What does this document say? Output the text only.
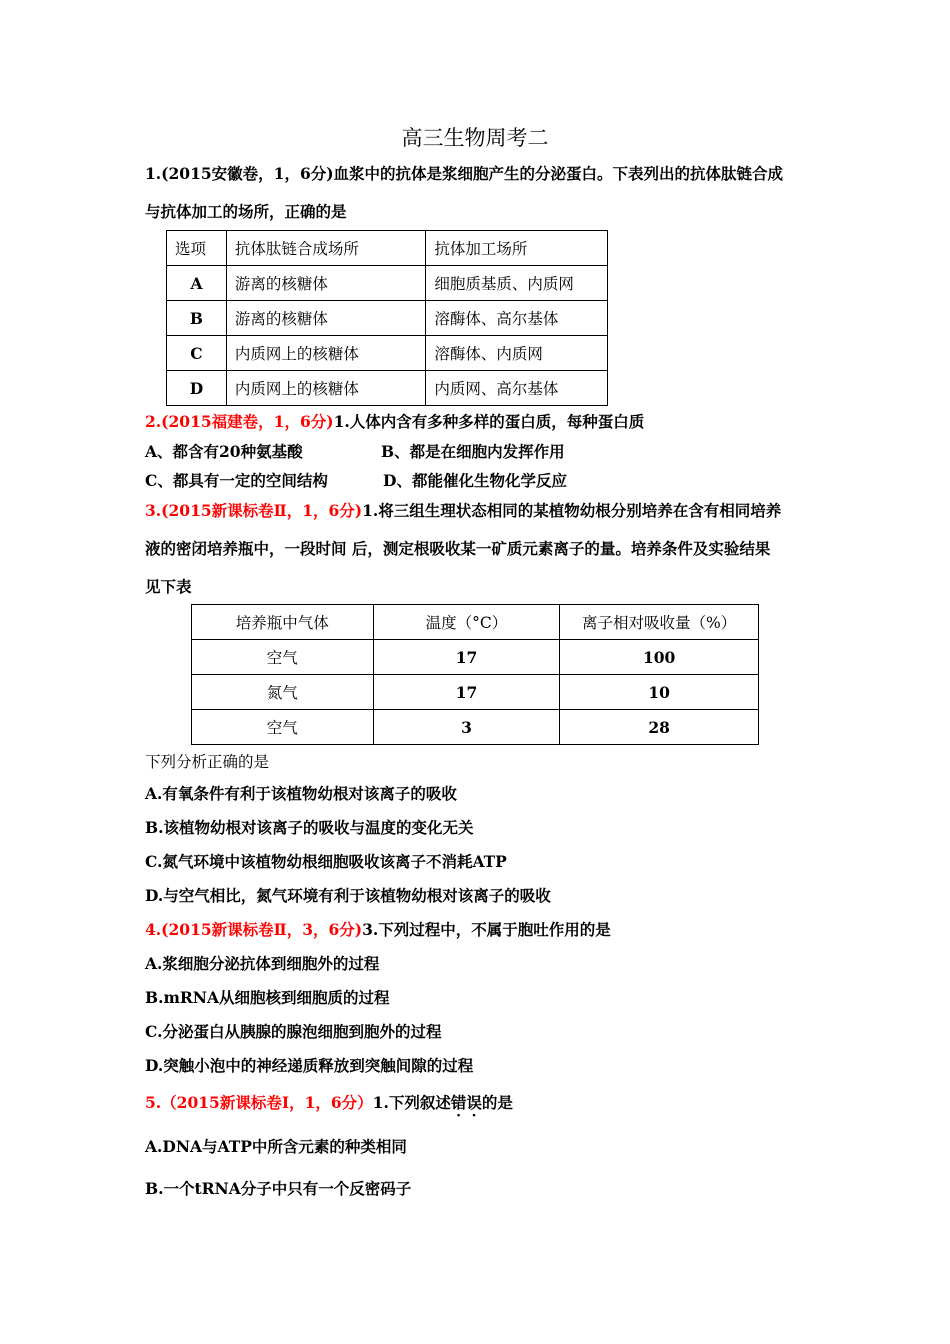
高三生物周考二
1.(2015安徽卷，1，6分)血浆中的抗体是浆细胞产生的分泌蛋白。下表列出的抗体肽链合成
与抗体加工的场所，正确的是
选项	抗体肽链合成场所	抗体加工场所
A	游离的核糖体	细胞质基质、内质网
B	游离的核糖体	溶酶体、高尔基体
C	内质网上的核糖体	溶酶体、内质网
D	内质网上的核糖体	内质网、高尔基体
2.(2015福建卷，1，6分)1.人体内含有多种多样的蛋白质，每种蛋白质
A、都含有20种氨基酸	B、都是在细胞内发挥作用
C、都具有一定的空间结构	D、都能催化生物化学反应
3.(2015新课标卷Ⅱ，1，6分)1.将三组生理状态相同的某植物幼根分别培养在含有相同培养
液的密闭培养瓶中，一段时间 后，测定根吸收某一矿质元素离子的量。培养条件及实验结果
见下表
培养瓶中气体	温度（°C）	离子相对吸收量（%）
空气	17	100
氮气	17	10
空气	3	28
下列分析正确的是
A.有氧条件有利于该植物幼根对该离子的吸收
B.该植物幼根对该离子的吸收与温度的变化无关
C.氮气环境中该植物幼根细胞吸收该离子不消耗ATP
D.与空气相比，氮气环境有利于该植物幼根对该离子的吸收
4.(2015新课标卷Ⅱ，3，6分)3.下列过程中，不属于胞吐作用的是
A.浆细胞分泌抗体到细胞外的过程
B.mRNA从细胞核到细胞质的过程
C.分泌蛋白从胰腺的腺泡细胞到胞外的过程
D.突触小泡中的神经递质释放到突触间隙的过程
5.（2015新课标卷Ⅰ，1，6分）1.下列叙述错误的是
A.DNA与ATP中所含元素的种类相同
B.一个tRNA分子中只有一个反密码子
